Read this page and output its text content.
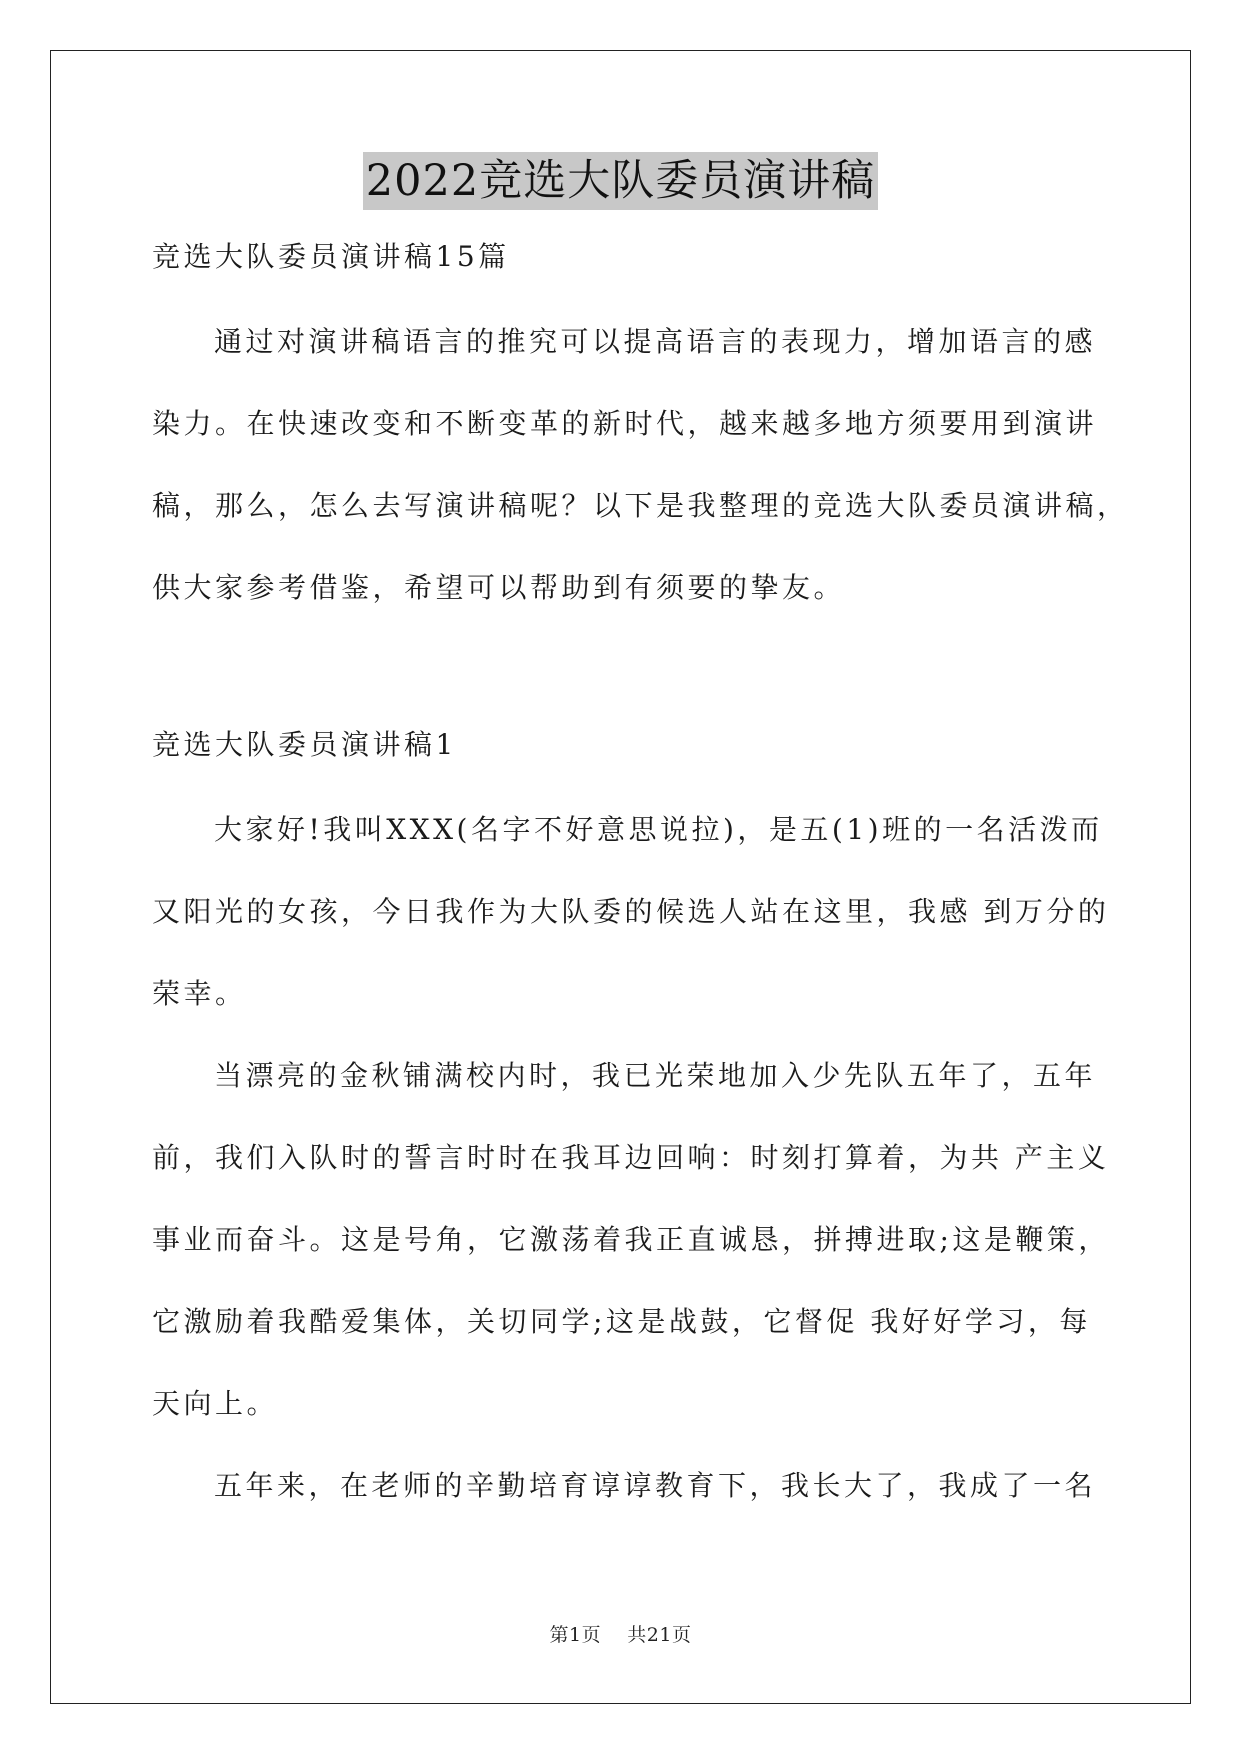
2022竞选大队委员演讲稿

竞选大队委员演讲稿15篇

通过对演讲稿语言的推究可以提高语言的表现力，增加语言的感

染力。在快速改变和不断变革的新时代，越来越多地方须要用到演讲

稿，那么，怎么去写演讲稿呢？以下是我整理的竞选大队委员演讲稿，

供大家参考借鉴，希望可以帮助到有须要的挚友。

竞选大队委员演讲稿1

大家好!我叫XXX(名字不好意思说拉)，是五(1)班的一名活泼而

又阳光的女孩，今日我作为大队委的候选人站在这里，我感 到万分的

荣幸。

当漂亮的金秋铺满校内时，我已光荣地加入少先队五年了，五年

前，我们入队时的誓言时时在我耳边回响：时刻打算着，为共 产主义

事业而奋斗。这是号角，它激荡着我正直诚恳，拼搏进取;这是鞭策，

它激励着我酷爱集体，关切同学;这是战鼓，它督促 我好好学习，每

天向上。

五年来，在老师的辛勤培育谆谆教育下，我长大了，我成了一名

第1页    共21页
